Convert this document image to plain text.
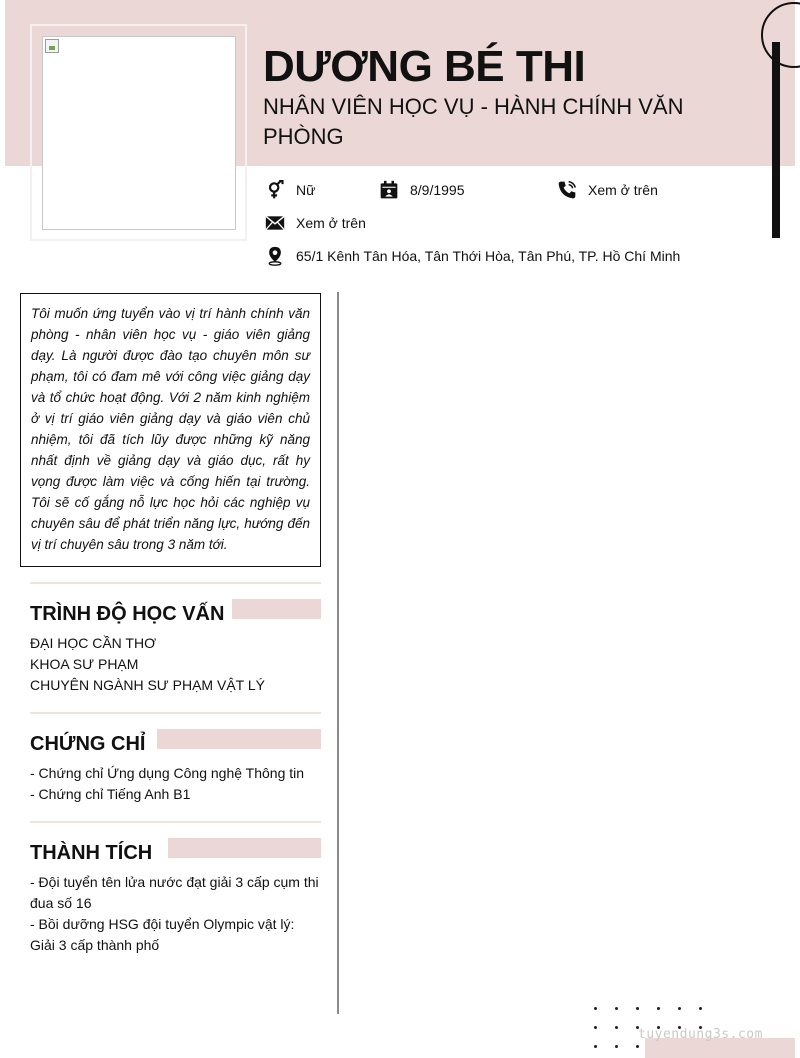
DƯƠNG BÉ THI
NHÂN VIÊN HỌC VỤ - HÀNH CHÍNH VĂN PHÒNG
Nữ	8/9/1995	Xem ở trên
Xem ở trên
65/1 Kênh Tân Hóa, Tân Thới Hòa, Tân Phú, TP. Hồ Chí Minh
Tôi muốn ứng tuyển vào vị trí hành chính văn phòng - nhân viên học vụ - giáo viên giảng dạy. Là người được đào tạo chuyên môn sư phạm, tôi có đam mê với công việc giảng dạy và tổ chức hoạt động. Với 2 năm kinh nghiệm ở vị trí giáo viên giảng dạy và giáo viên chủ nhiệm, tôi đã tích lũy được những kỹ năng nhất định về giảng dạy và giáo dục, rất hy vọng được làm việc và cống hiến tại trường. Tôi sẽ cố gắng nỗ lực học hỏi các nghiệp vụ chuyên sâu để phát triển năng lực, hướng đến vị trí chuyên sâu trong 3 năm tới.
TRÌNH ĐỘ HỌC VẤN
ĐẠI HỌC CẦN THƠ
KHOA SƯ PHẠM
CHUYÊN NGÀNH SƯ PHẠM VẬT LÝ
CHỨNG CHỈ
- Chứng chỉ Ứng dụng Công nghệ Thông tin
- Chứng chỉ Tiếng Anh B1
THÀNH TÍCH
- Đội tuyển tên lửa nước đạt giải 3 cấp cụm thi đua số 16
- Bồi dưỡng HSG đội tuyển Olympic vật lý: Giải 3 cấp thành phố
tuyendung3s.com
